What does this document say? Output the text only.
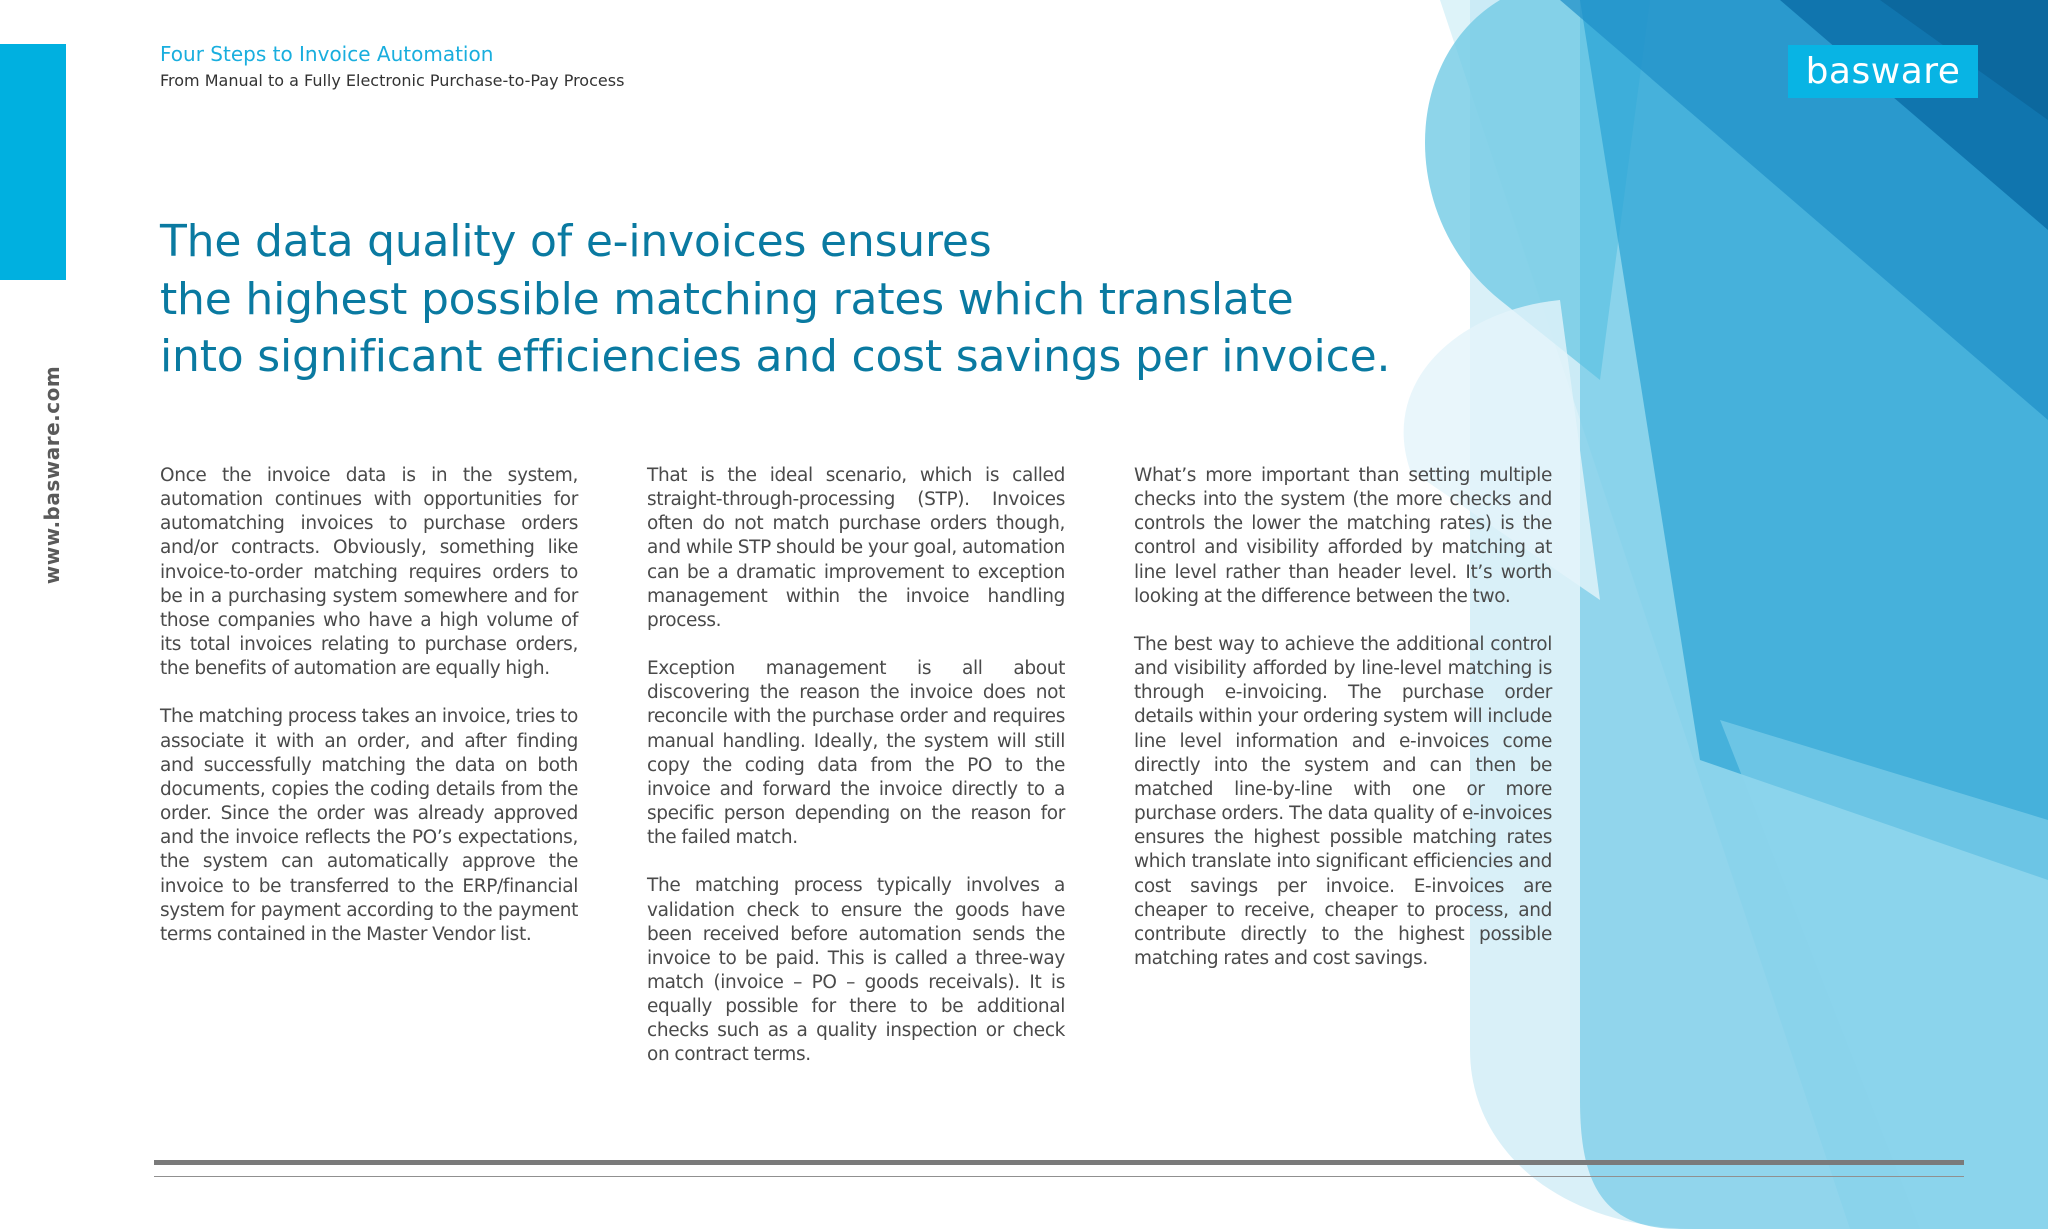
www.basware.com
Four Steps to Invoice Automation
From Manual to a Fully Electronic Purchase-to-Pay Process	basware
The data quality of e-invoices ensures
the highest possible matching rates which translate
into significant efficiencies and cost savings per invoice.

Once the invoice data is in the system, automation continues with opportunities for automatching invoices to purchase orders and/or contracts. Obviously, something like invoice-to-order matching requires orders to be in a purchasing system somewhere and for those companies who have a high volume of its total invoices relating to purchase orders, the benefits of automation are equally high.

The matching process takes an invoice, tries to associate it with an order, and after finding and successfully matching the data on both documents, copies the coding details from the order. Since the order was already approved and the invoice reflects the PO’s expectations, the system can automatically approve the invoice to be transferred to the ERP/financial system for payment according to the payment terms contained in the Master Vendor list.

That is the ideal scenario, which is called straight-through-processing (STP). Invoices often do not match purchase orders though, and while STP should be your goal, automation can be a dramatic improvement to exception management within the invoice handling process.

Exception management is all about discovering the reason the invoice does not reconcile with the purchase order and requires manual handling. Ideally, the system will still copy the coding data from the PO to the invoice and forward the invoice directly to a specific person depending on the reason for the failed match.

The matching process typically involves a validation check to ensure the goods have been received before automation sends the invoice to be paid. This is called a three-way match (invoice – PO – goods receivals). It is equally possible for there to be additional checks such as a quality inspection or check on contract terms.

What’s more important than setting multiple checks into the system (the more checks and controls the lower the matching rates) is the control and visibility afforded by matching at line level rather than header level. It’s worth looking at the difference between the two.

The best way to achieve the additional control and visibility afforded by line-level matching is through e-invoicing. The purchase order details within your ordering system will include line level information and e-invoices come directly into the system and can then be matched line-by-line with one or more purchase orders. The data quality of e-invoices ensures the highest possible matching rates which translate into significant efficiencies and cost savings per invoice. E-invoices are cheaper to receive, cheaper to process, and contribute directly to the highest possible matching rates and cost savings.
